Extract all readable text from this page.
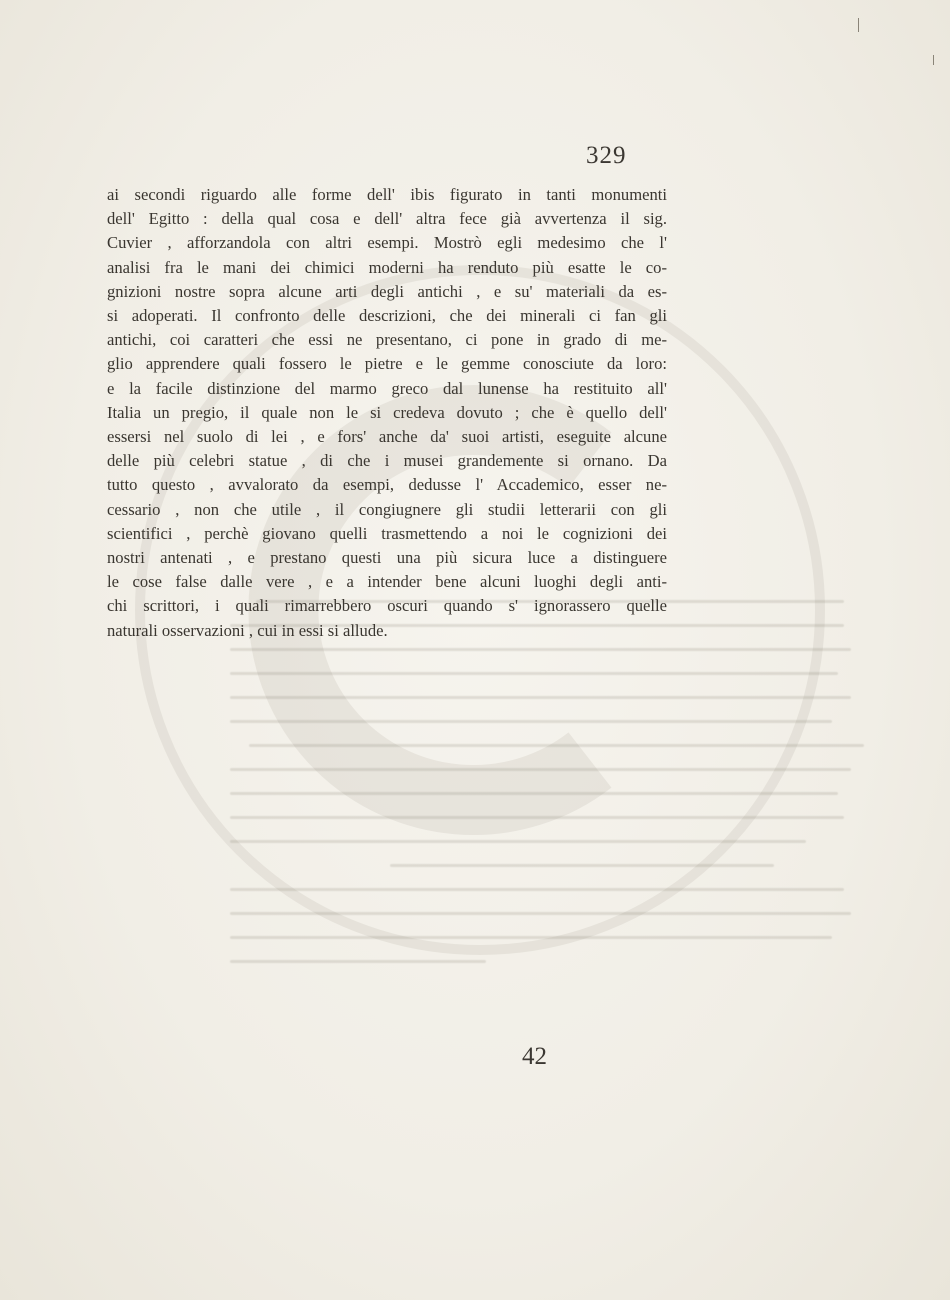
329
ai secondi riguardo alle forme dell' ibis figurato in tanti monumenti
dell' Egitto : della qual cosa e dell' altra fece già avvertenza il sig.
Cuvier , afforzandola con altri esempi. Mostrò egli medesimo che l'
analisi fra le mani dei chimici moderni ha renduto più esatte le co-
gnizioni nostre sopra alcune arti degli antichi , e su' materiali da es-
si adoperati. Il confronto delle descrizioni, che dei minerali ci fan gli
antichi, coi caratteri che essi ne presentano, ci pone in grado di me-
glio apprendere quali fossero le pietre e le gemme conosciute da loro:
e la facile distinzione del marmo greco dal lunense ha restituito all'
Italia un pregio, il quale non le si credeva dovuto ; che è quello dell'
essersi nel suolo di lei , e fors' anche da' suoi artisti, eseguite alcune
delle più celebri statue , di che i musei grandemente si ornano. Da
tutto questo , avvalorato da esempi, dedusse l' Accademico, esser ne-
cessario , non che utile , il congiugnere gli studii letterarii con gli
scientifici , perchè giovano quelli trasmettendo a noi le cognizioni dei
nostri antenati , e prestano questi una più sicura luce a distinguere
le cose false dalle vere , e a intender bene alcuni luoghi degli anti-
chi scrittori, i quali rimarrebbero oscuri quando s' ignorassero quelle
naturali osservazioni , cui in essi si allude.
42
